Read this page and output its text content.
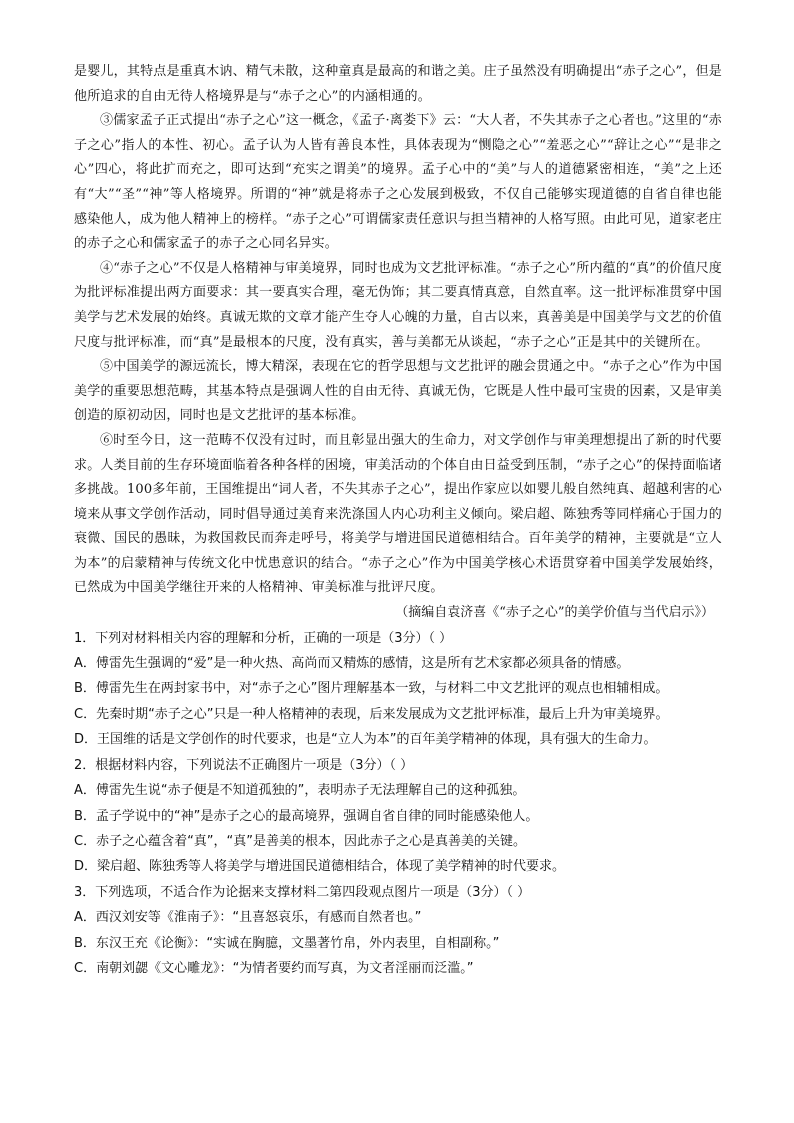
是婴儿，其特点是重真木讷、精气未散，这种童真是最高的和谐之美。庄子虽然没有明确提出“赤子之心”，但是他所追求的自由无待人格境界是与“赤子之心”的内涵相通的。

③儒家孟子正式提出“赤子之心”这一概念，《孟子·离娄下》云：“大人者，不失其赤子之心者也。”这里的“赤子之心”指人的本性、初心。孟子认为人皆有善良本性，具体表现为“恻隐之心”“羞恶之心”“辞让之心”“是非之心”四心，将此扩而充之，即可达到“充实之谓美”的境界。孟子心中的“美”与人的道德紧密相连，“美”之上还有“大”“圣”“神”等人格境界。所谓的“神”就是将赤子之心发展到极致，不仅自己能够实现道德的自省自律也能感染他人，成为他人精神上的榜样。“赤子之心”可谓儒家责任意识与担当精神的人格写照。由此可见，道家老庄的赤子之心和儒家孟子的赤子之心同名异实。

④“赤子之心”不仅是人格精神与审美境界，同时也成为文艺批评标准。“赤子之心”所内蕴的“真”的价值尺度为批评标准提出两方面要求：其一要真实合理，毫无伪饰；其二要真情真意，自然直率。这一批评标准贯穿中国美学与艺术发展的始终。真诚无欺的文章才能产生夺人心魄的力量，自古以来，真善美是中国美学与文艺的价值尺度与批评标准，而“真”是最根本的尺度，没有真实，善与美都无从谈起，“赤子之心”正是其中的关键所在。

⑤中国美学的源远流长，博大精深，表现在它的哲学思想与文艺批评的融会贯通之中。“赤子之心”作为中国美学的重要思想范畴，其基本特点是强调人性的自由无待、真诚无伪，它既是人性中最可宝贵的因素，又是审美创造的原初动因，同时也是文艺批评的基本标准。

⑥时至今日，这一范畴不仅没有过时，而且彰显出强大的生命力，对文学创作与审美理想提出了新的时代要求。人类目前的生存环境面临着各种各样的困境，审美活动的个体自由日益受到压制，“赤子之心”的保持面临诸多挑战。100多年前，王国维提出“词人者，不失其赤子之心”，提出作家应以如婴儿般自然纯真、超越利害的心境来从事文学创作活动，同时倡导通过美育来洗涤国人内心功利主义倾向。梁启超、陈独秀等同样痛心于国力的衰微、国民的愚昧，为救国救民而奔走呼号，将美学与增进国民道德相结合。百年美学的精神，主要就是“立人为本”的启蒙精神与传统文化中忧患意识的结合。“赤子之心”作为中国美学核心术语贯穿着中国美学发展始终，已然成为中国美学继往开来的人格精神、审美标准与批评尺度。

（摘编自袁济喜《“赤子之心”的美学价值与当代启示》）

1．下列对材料相关内容的理解和分析，正确的一项是（3分）（ ）

A．傅雷先生强调的“爱”是一种火热、高尚而又精炼的感情，这是所有艺术家都必须具备的情感。

B．傅雷先生在两封家书中，对“赤子之心”图片理解基本一致，与材料二中文艺批评的观点也相辅相成。

C．先秦时期“赤子之心”只是一种人格精神的表现，后来发展成为文艺批评标准，最后上升为审美境界。

D．王国维的话是文学创作的时代要求，也是“立人为本”的百年美学精神的体现，具有强大的生命力。

2．根据材料内容，下列说法不正确图片一项是（3分）（ ）

A．傅雷先生说“赤子便是不知道孤独的”，表明赤子无法理解自己的这种孤独。

B．孟子学说中的“神”是赤子之心的最高境界，强调自省自律的同时能感染他人。

C．赤子之心蕴含着“真”，“真”是善美的根本，因此赤子之心是真善美的关键。

D．梁启超、陈独秀等人将美学与增进国民道德相结合，体现了美学精神的时代要求。

3．下列选项，不适合作为论据来支撑材料二第四段观点图片一项是（3分）（ ）

A．西汉刘安等《淮南子》：“且喜怒哀乐，有感而自然者也。”

B．东汉王充《论衡》：“实诚在胸臆，文墨著竹帛，外内表里，自相副称。”

C．南朝刘勰《文心雕龙》：“为情者要约而写真，为文者淫丽而泛滥。”
